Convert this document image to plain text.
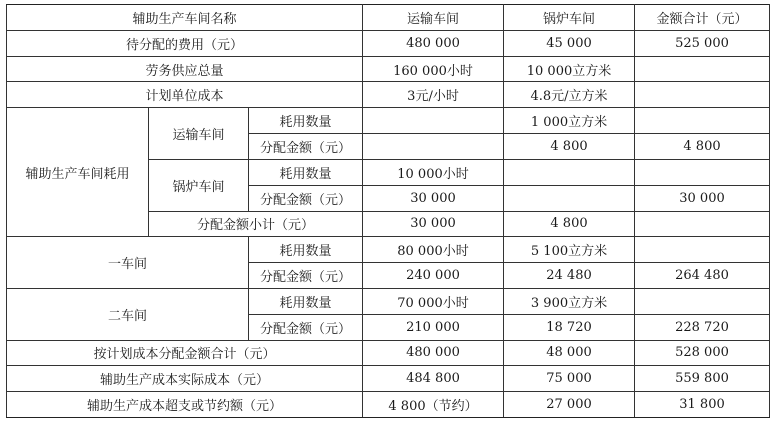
辅助生产车间名称			运输车间	锅炉车间	金额合计（元）
待分配的费用（元）			480 000	45 000	525 000
劳务供应总量			160 000小时	10 000立方米	
计划单位成本			3元/小时	4.8元/立方米	
辅助生产车间耗用	运输车间	耗用数量		1 000立方米	
		分配金额（元）		4 800	4 800
	锅炉车间	耗用数量	10 000小时		
		分配金额（元）	30 000		30 000
	分配金额小计（元）		30 000	4 800	
一车间		耗用数量	80 000小时	5 100立方米	
		分配金额（元）	240 000	24 480	264 480
二车间		耗用数量	70 000小时	3 900立方米	
		分配金额（元）	210 000	18 720	228 720
按计划成本分配金额合计（元）			480 000	48 000	528 000
辅助生产成本实际成本（元）			484 800	75 000	559 800
辅助生产成本超支或节约额（元）			4 800（节约）	27 000	31 800
